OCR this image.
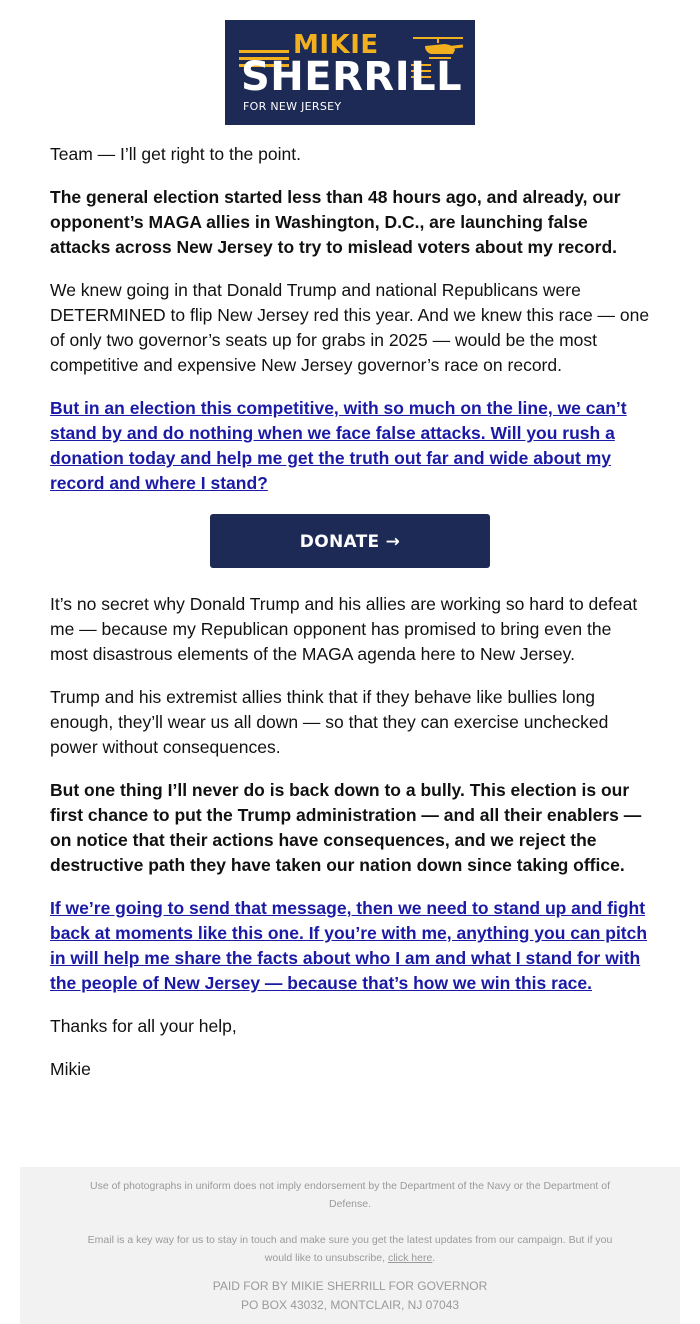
MIKIE
SHERRILL
FOR NEW JERSEY

Team — I’ll get right to the point.

The general election started less than 48 hours ago, and already, our opponent’s MAGA allies in Washington, D.C., are launching false attacks across New Jersey to try to mislead voters about my record.

We knew going in that Donald Trump and national Republicans were DETERMINED to flip New Jersey red this year. And we knew this race — one of only two governor’s seats up for grabs in 2025 — would be the most competitive and expensive New Jersey governor’s race on record.

But in an election this competitive, with so much on the line, we can’t stand by and do nothing when we face false attacks. Will you rush a donation today and help me get the truth out far and wide about my record and where I stand?

DONATE →

It’s no secret why Donald Trump and his allies are working so hard to defeat me — because my Republican opponent has promised to bring even the most disastrous elements of the MAGA agenda here to New Jersey.

Trump and his extremist allies think that if they behave like bullies long enough, they’ll wear us all down — so that they can exercise unchecked power without consequences.

But one thing I’ll never do is back down to a bully. This election is our first chance to put the Trump administration — and all their enablers — on notice that their actions have consequences, and we reject the destructive path they have taken our nation down since taking office.

If we’re going to send that message, then we need to stand up and fight back at moments like this one. If you’re with me, anything you can pitch in will help me share the facts about who I am and what I stand for with the people of New Jersey — because that’s how we win this race.

Thanks for all your help,

Mikie

Use of photographs in uniform does not imply endorsement by the Department of the Navy or the Department of Defense.
Email is a key way for us to stay in touch and make sure you get the latest updates from our campaign. But if you would like to unsubscribe, click here.
PAID FOR BY MIKIE SHERRILL FOR GOVERNOR
PO BOX 43032, MONTCLAIR, NJ 07043
